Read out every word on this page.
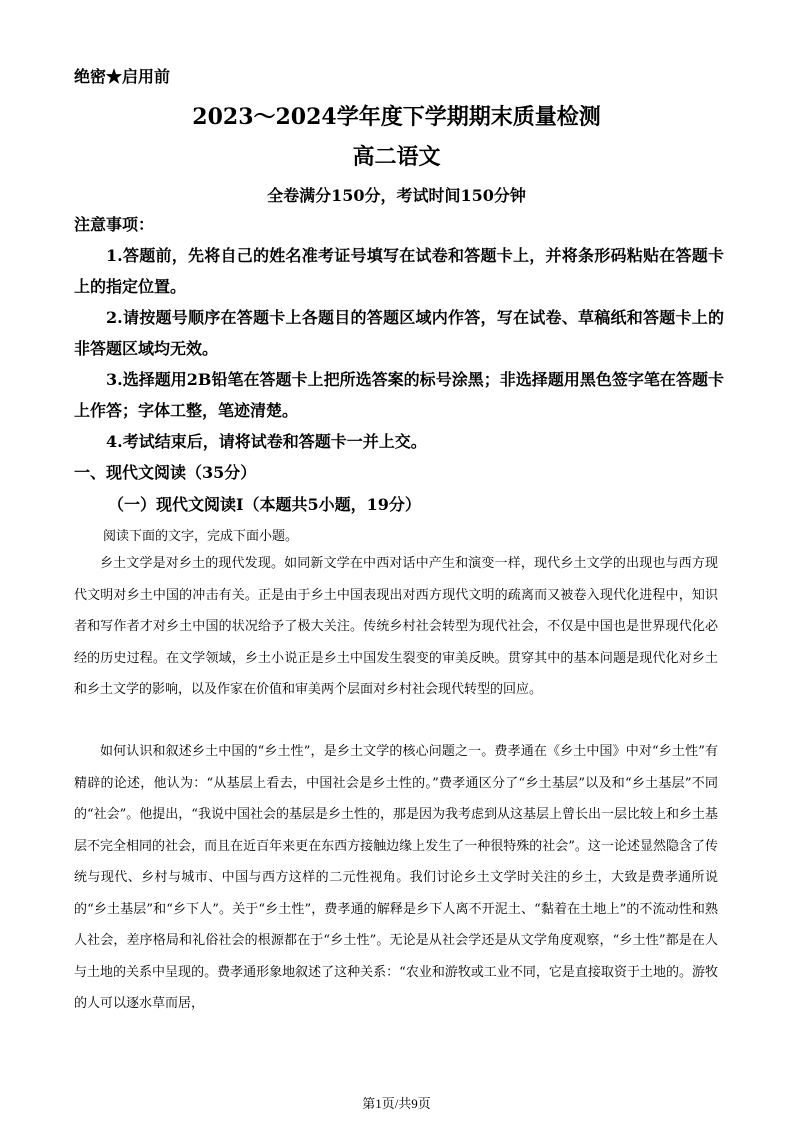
绝密★启用前
2023～2024学年度下学期期末质量检测
高二语文
全卷满分150分，考试时间150分钟
注意事项：
1.答题前，先将自己的姓名准考证号填写在试卷和答题卡上，并将条形码粘贴在答题卡上的指定位置。
2.请按题号顺序在答题卡上各题目的答题区域内作答，写在试卷、草稿纸和答题卡上的非答题区域均无效。
3.选择题用2B铅笔在答题卡上把所选答案的标号涂黑；非选择题用黑色签字笔在答题卡上作答；字体工整，笔迹清楚。
4.考试结束后，请将试卷和答题卡一并上交。
一、现代文阅读（35分）
（一）现代文阅读Ⅰ（本题共5小题，19分）
阅读下面的文字，完成下面小题。
乡土文学是对乡土的现代发现。如同新文学在中西对话中产生和演变一样，现代乡土文学的出现也与西方现代文明对乡土中国的冲击有关。正是由于乡土中国表现出对西方现代文明的疏离而又被卷入现代化进程中，知识者和写作者才对乡土中国的状况给予了极大关注。传统乡村社会转型为现代社会，不仅是中国也是世界现代化必经的历史过程。在文学领域，乡土小说正是乡土中国发生裂变的审美反映。贯穿其中的基本问题是现代化对乡土和乡土文学的影响，以及作家在价值和审美两个层面对乡村社会现代转型的回应。
如何认识和叙述乡土中国的“乡土性”，是乡土文学的核心问题之一。费孝通在《乡土中国》中对“乡土性”有精辟的论述，他认为：“从基层上看去，中国社会是乡土性的。”费孝通区分了“乡土基层”以及和“乡土基层”不同的“社会”。他提出，“我说中国社会的基层是乡土性的，那是因为我考虑到从这基层上曾长出一层比较上和乡土基层不完全相同的社会，而且在近百年来更在东西方接触边缘上发生了一种很特殊的社会”。这一论述显然隐含了传统与现代、乡村与城市、中国与西方这样的二元性视角。我们讨论乡土文学时关注的乡土，大致是费孝通所说的“乡土基层”和“乡下人”。关于“乡土性”，费孝通的解释是乡下人离不开泥土、“黏着在土地上”的不流动性和熟人社会，差序格局和礼俗社会的根源都在于“乡土性”。无论是从社会学还是从文学角度观察，“乡土性”都是在人与土地的关系中呈现的。费孝通形象地叙述了这种关系：“农业和游牧或工业不同，它是直接取资于土地的。游牧的人可以逐水草而居，
第1页/共9页
